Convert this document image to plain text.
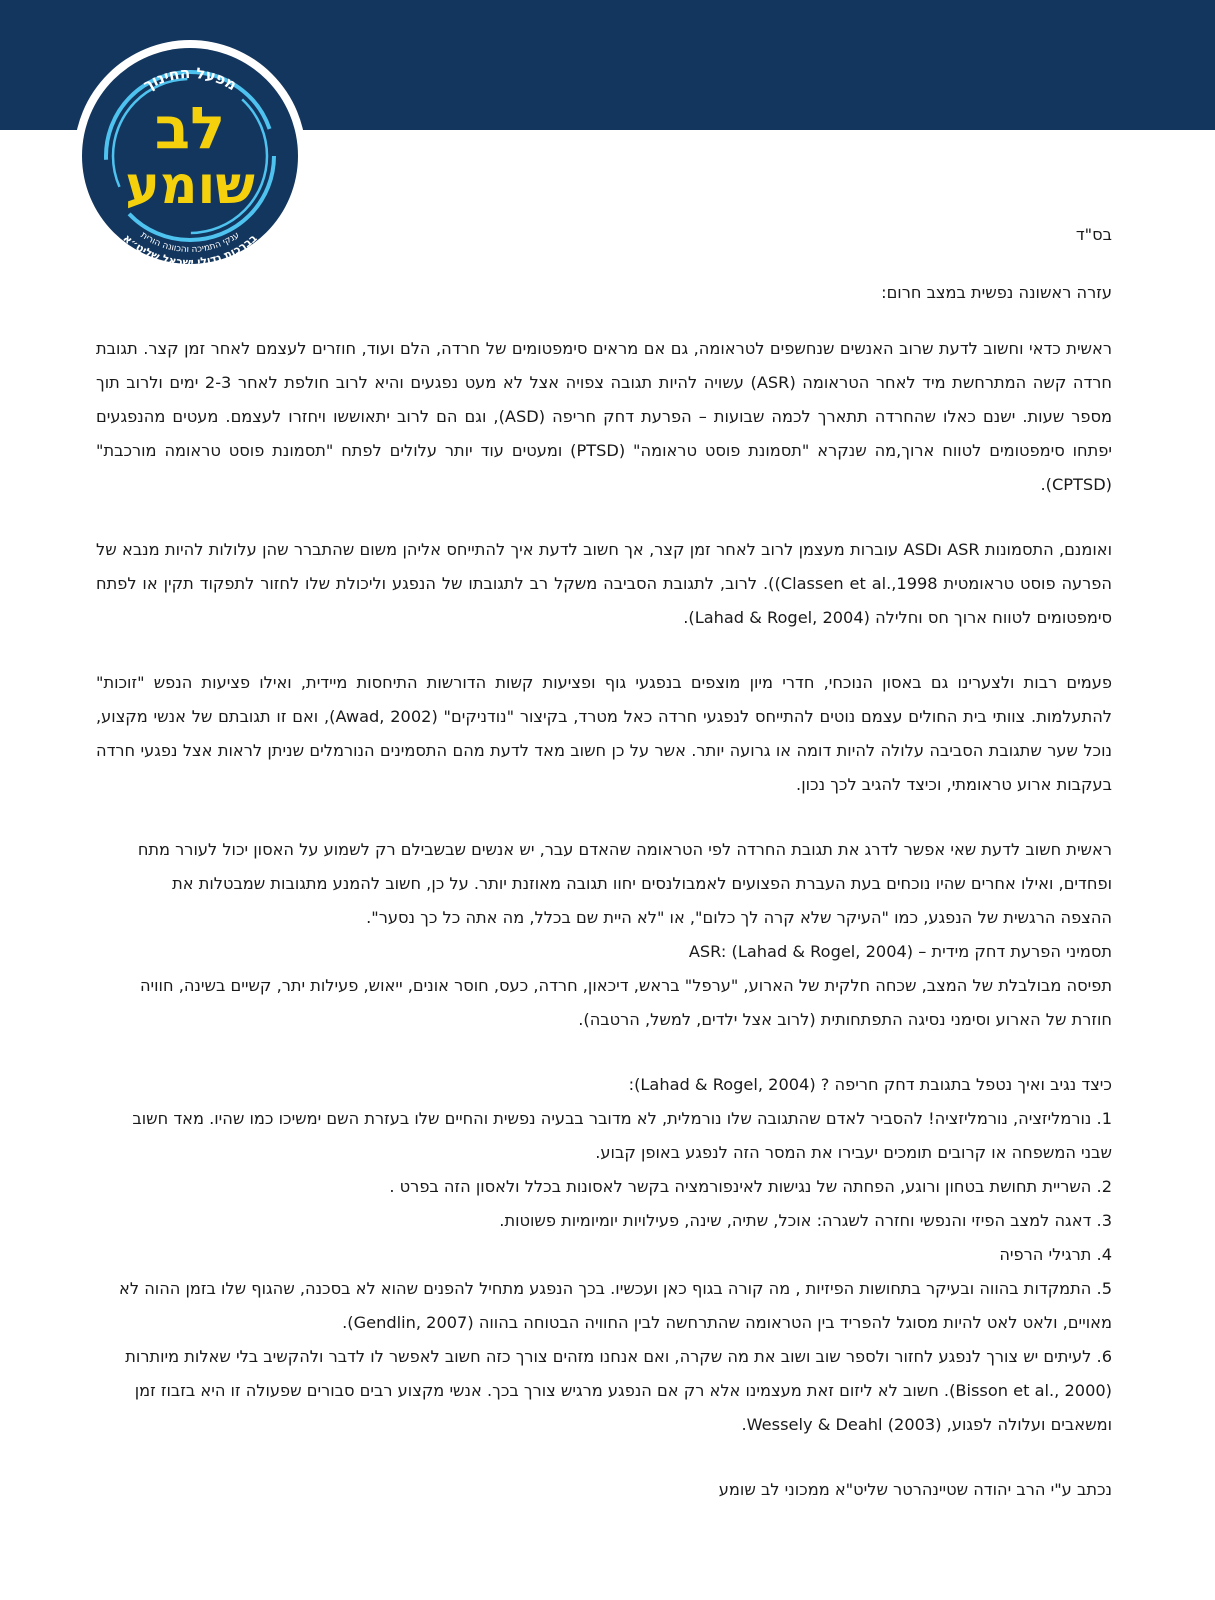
מפעל החינוך
לב
שומע
ענקי התמיכה והכוונה הורית
בברכות גדולי ישראל שליט״א	בס"ד
עזרה ראשונה נפשית במצב חרום:

ראשית כדאי וחשוב לדעת שרוב האנשים שנחשפים לטראומה, גם אם מראים סימפטומים של חרדה, הלם ועוד, חוזרים לעצמם לאחר זמן קצר. תגובת חרדה קשה המתרחשת מיד לאחר הטראומה (ASR) עשויה להיות תגובה צפויה אצל לא מעט נפגעים והיא לרוב חולפת לאחר 2-3 ימים ולרוב תוך מספר שעות. ישנם כאלו שהחרדה תתארך לכמה שבועות – הפרעת דחק חריפה (ASD), וגם הם לרוב יתאוששו ויחזרו לעצמם. מעטים מהנפגעים יפתחו סימפטומים לטווח ארוך,מה שנקרא "תסמונת פוסט טראומה" (PTSD) ומעטים עוד יותר עלולים לפתח "תסמונת פוסט טראומה מורכבת" (CPTSD).

ואומנם, התסמונות ASR וASD עוברות מעצמן לרוב לאחר זמן קצר, אך חשוב לדעת איך להתייחס אליהן משום שהתברר שהן עלולות להיות מנבא של הפרעה פוסט טראומטית Classen et al.,1998)). לרוב, לתגובת הסביבה משקל רב לתגובתו של הנפגע וליכולת שלו לחזור לתפקוד תקין או לפתח סימפטומים לטווח ארוך חס וחלילה (Lahad & Rogel, 2004).

פעמים רבות ולצערינו גם באסון הנוכחי, חדרי מיון מוצפים בנפגעי גוף ופציעות קשות הדורשות התיחסות מיידית, ואילו פציעות הנפש "זוכות" להתעלמות. צוותי בית החולים עצמם נוטים להתייחס לנפגעי חרדה כאל מטרד, בקיצור "נודניקים" (Awad, 2002), ואם זו תגובתם של אנשי מקצוע, נוכל שער שתגובת הסביבה עלולה להיות דומה או גרועה יותר. אשר על כן חשוב מאד לדעת מהם התסמינים הנורמלים שניתן לראות אצל נפגעי חרדה בעקבות ארוע טראומתי, וכיצד להגיב לכך נכון.

ראשית חשוב לדעת שאי אפשר לדרג את תגובת החרדה לפי הטראומה שהאדם עבר, יש אנשים שבשבילם רק לשמוע על האסון יכול לעורר מתח
ופחדים, ואילו אחרים שהיו נוכחים בעת העברת הפצועים לאמבולנסים יחוו תגובה מאוזנת יותר. על כן, חשוב להמנע מתגובות שמבטלות את
ההצפה הרגשית של הנפגע, כמו "העיקר שלא קרה לך כלום", או "לא היית שם בכלל, מה אתה כל כך נסער".
תסמיני הפרעת דחק מידית – ASR: (Lahad & Rogel, 2004)
תפיסה מבולבלת של המצב, שכחה חלקית של הארוע, "ערפל" בראש, דיכאון, חרדה, כעס, חוסר אונים, ייאוש, פעילות יתר, קשיים בשינה, חוויה
חוזרת של הארוע וסימני נסיגה התפתחותית (לרוב אצל ילדים, למשל, הרטבה).

כיצד נגיב ואיך נטפל בתגובת דחק חריפה ? (Lahad & Rogel, 2004):
1. נורמליזציה, נורמליזציה! להסביר לאדם שהתגובה שלו נורמלית, לא מדובר בבעיה נפשית והחיים שלו בעזרת השם ימשיכו כמו שהיו. מאד חשוב
שבני המשפחה או קרובים תומכים יעבירו את המסר הזה לנפגע באופן קבוע.
2. השריית תחושת בטחון ורוגע, הפחתה של נגישות לאינפורמציה בקשר לאסונות בכלל ולאסון הזה בפרט .
3. דאגה למצב הפיזי והנפשי וחזרה לשגרה: אוכל, שתיה, שינה, פעילויות יומיומיות פשוטות.
4. תרגילי הרפיה
5. התמקדות בהווה ובעיקר בתחושות הפיזיות , מה קורה בגוף כאן ועכשיו. בכך הנפגע מתחיל להפנים שהוא לא בסכנה, שהגוף שלו בזמן ההוה לא
מאויים, ולאט לאט להיות מסוגל להפריד בין הטראומה שהתרחשה לבין החוויה הבטוחה בהווה (Gendlin, 2007).
6. לעיתים יש צורך לנפגע לחזור ולספר שוב ושוב את מה שקרה, ואם אנחנו מזהים צורך כזה חשוב לאפשר לו לדבר ולהקשיב בלי שאלות מיותרות
(Bisson et al., 2000). חשוב לא ליזום זאת מעצמינו אלא רק אם הנפגע מרגיש צורך בכך. אנשי מקצוע רבים סבורים שפעולה זו היא בזבוז זמן
ומשאבים ועלולה לפגוע, (Wessely & Deahl (2003.

נכתב ע"י הרב יהודה שטיינהרטר שליט"א ממכוני לב שומע
